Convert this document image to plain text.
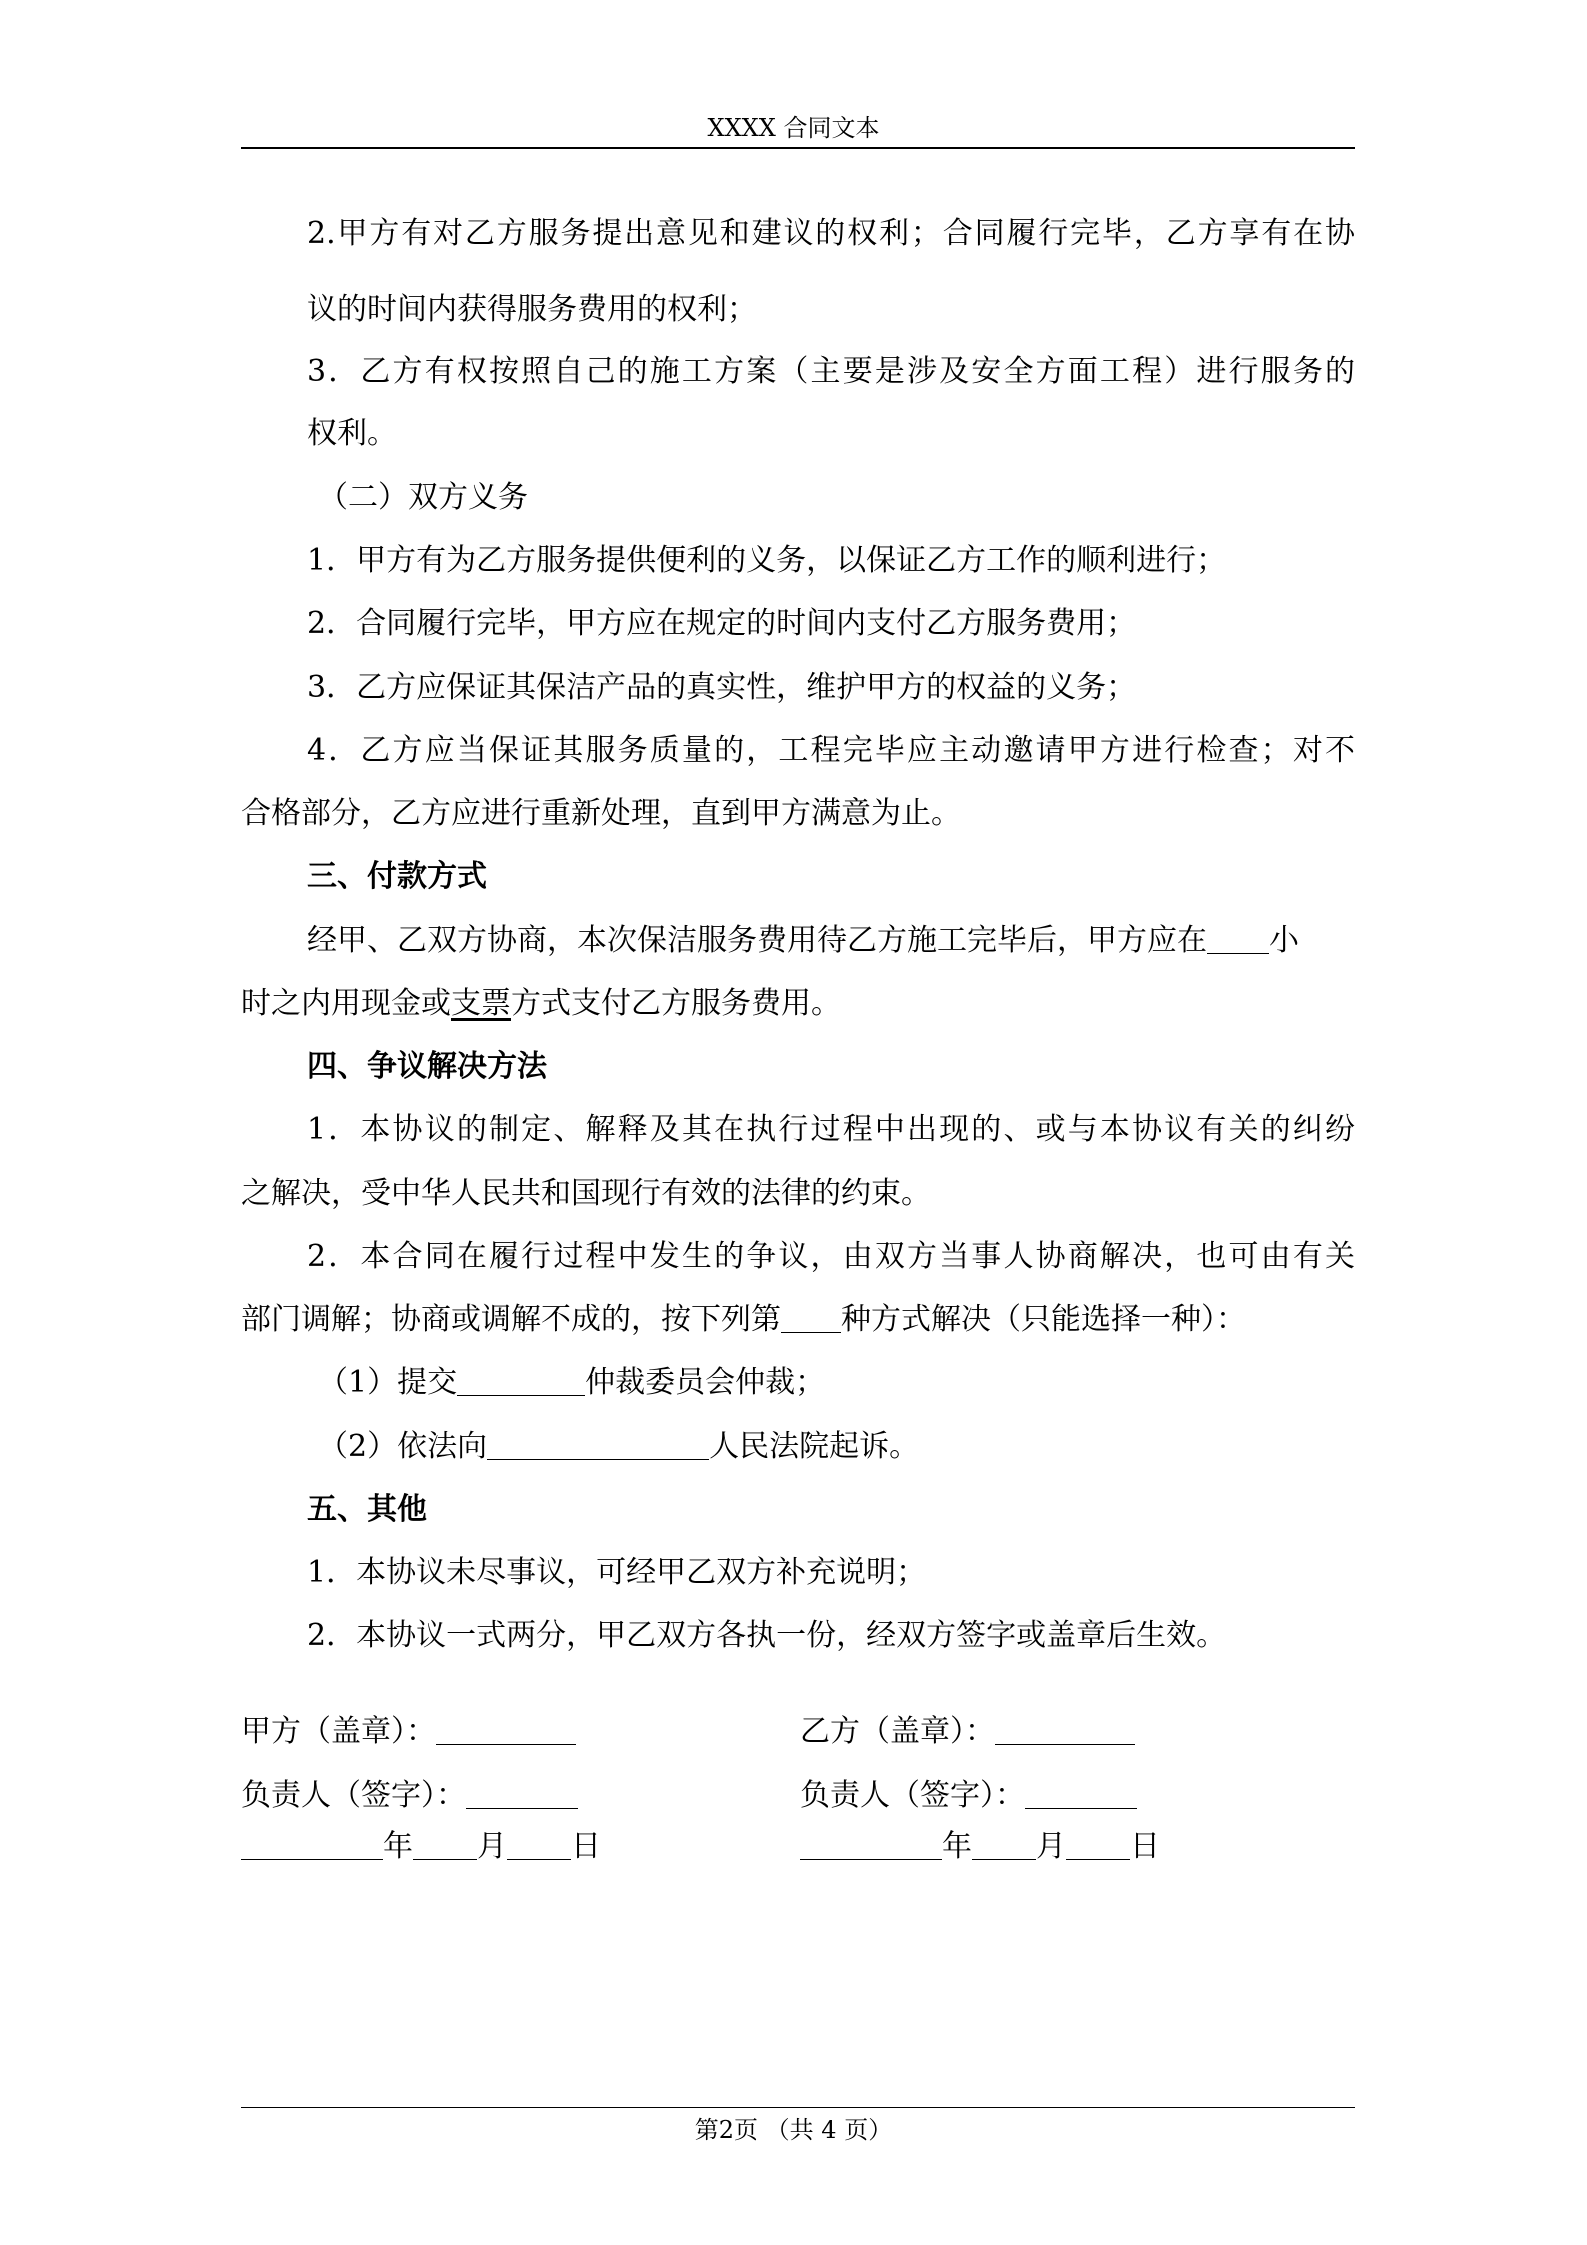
XXXX 合同文本
2.甲方有对乙方服务提出意见和建议的权利；合同履行完毕，乙方享有在协
议的时间内获得服务费用的权利；
3．乙方有权按照自己的施工方案（主要是涉及安全方面工程）进行服务的
权利。
（二）双方义务
1．甲方有为乙方服务提供便利的义务，以保证乙方工作的顺利进行；
2．合同履行完毕，甲方应在规定的时间内支付乙方服务费用；
3．乙方应保证其保洁产品的真实性，维护甲方的权益的义务；
4．乙方应当保证其服务质量的，工程完毕应主动邀请甲方进行检查；对不
合格部分，乙方应进行重新处理，直到甲方满意为止。
三、付款方式
经甲、乙双方协商，本次保洁服务费用待乙方施工完毕后，甲方应在 小
时之内用现金或支票方式支付乙方服务费用。
四、争议解决方法
1．本协议的制定、解释及其在执行过程中出现的、或与本协议有关的纠纷
之解决，受中华人民共和国现行有效的法律的约束。
2．本合同在履行过程中发生的争议，由双方当事人协商解决，也可由有关
部门调解；协商或调解不成的，按下列第 种方式解决（只能选择一种）：
（1）提交	仲裁委员会仲裁；
（2）依法向	人民法院起诉。
五、其他
1．本协议未尽事议，可经甲乙双方补充说明；
2．本协议一式两分，甲乙双方各执一份，经双方签字或盖章后生效。
甲方（盖章）：	乙方（盖章）：
负责人（签字）：	负责人（签字）：
年 月 日	年 月 日
第2页 （共 4 页）
